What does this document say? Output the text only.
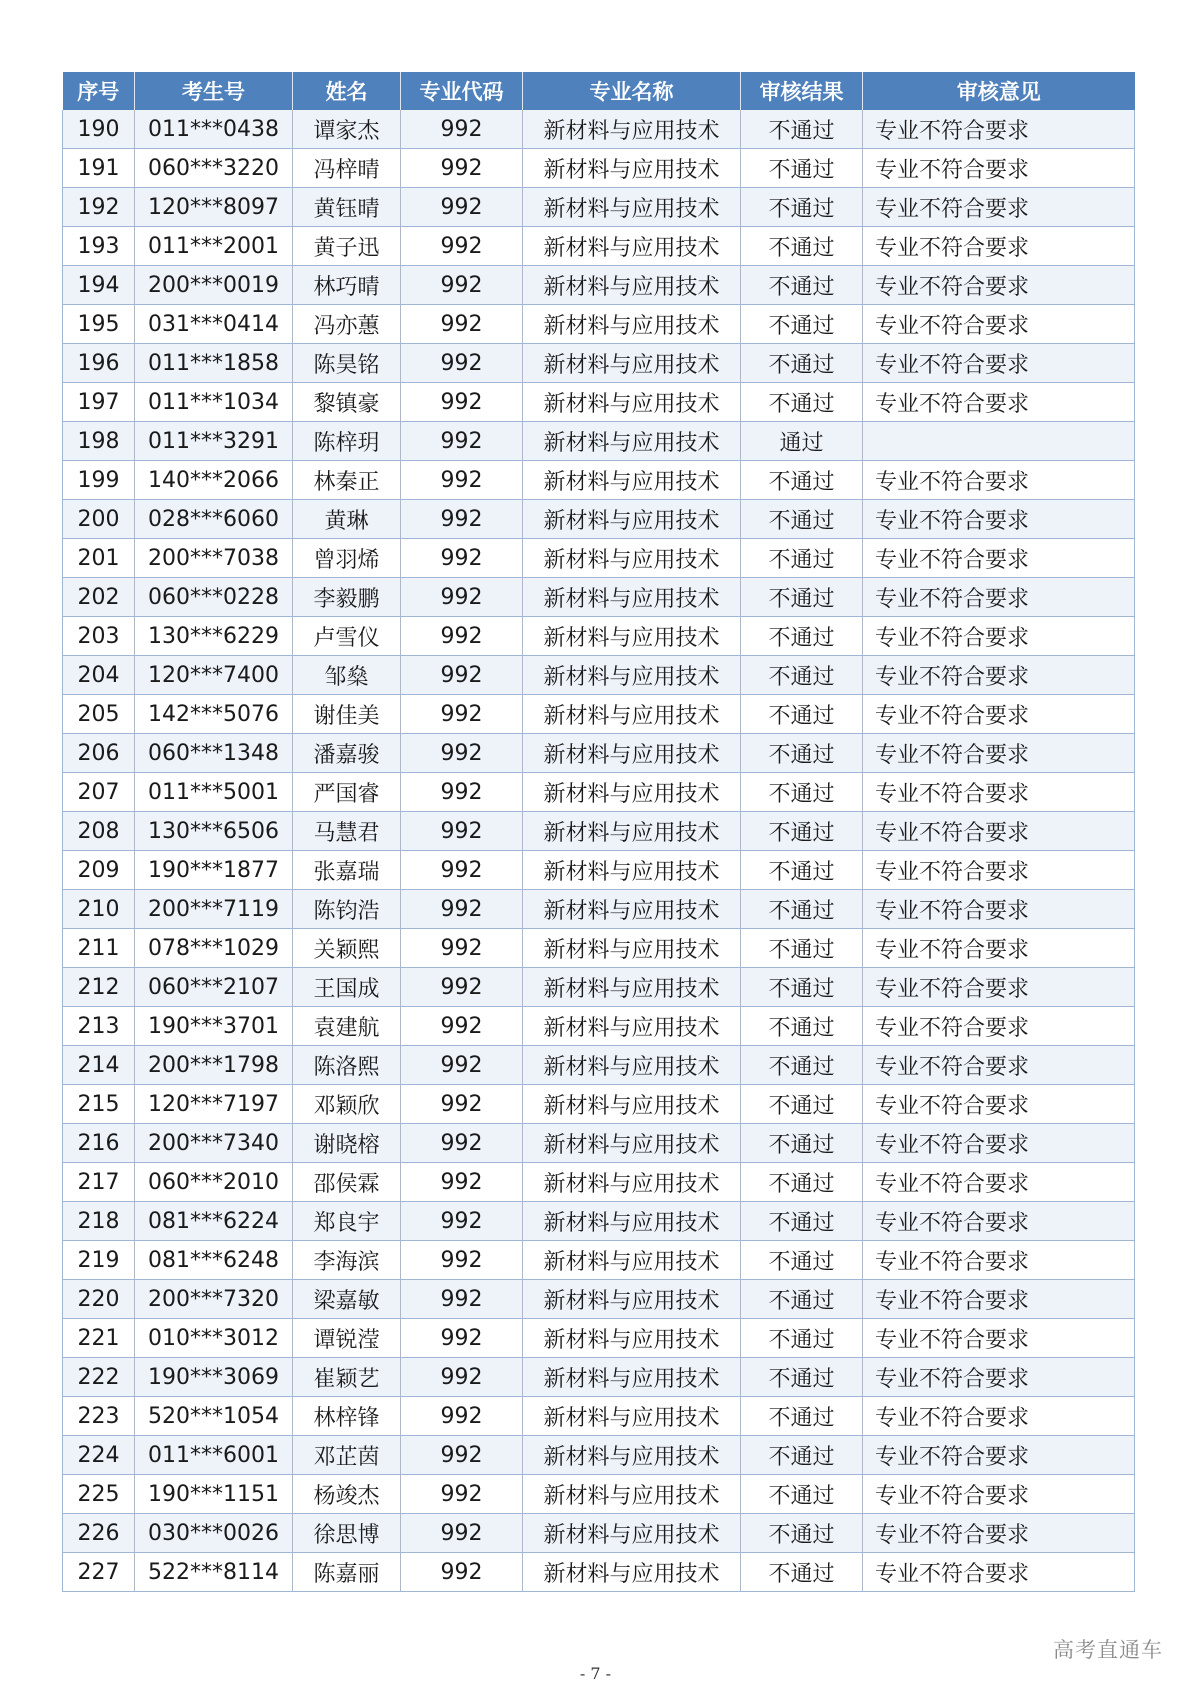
序号	考生号	姓名	专业代码	专业名称	审核结果	审核意见
190	011***0438	谭家杰	992	新材料与应用技术	不通过	专业不符合要求
191	060***3220	冯梓晴	992	新材料与应用技术	不通过	专业不符合要求
192	120***8097	黄钰晴	992	新材料与应用技术	不通过	专业不符合要求
193	011***2001	黄子迅	992	新材料与应用技术	不通过	专业不符合要求
194	200***0019	林巧晴	992	新材料与应用技术	不通过	专业不符合要求
195	031***0414	冯亦蕙	992	新材料与应用技术	不通过	专业不符合要求
196	011***1858	陈昊铭	992	新材料与应用技术	不通过	专业不符合要求
197	011***1034	黎镇豪	992	新材料与应用技术	不通过	专业不符合要求
198	011***3291	陈梓玥	992	新材料与应用技术	通过	
199	140***2066	林秦正	992	新材料与应用技术	不通过	专业不符合要求
200	028***6060	黄琳	992	新材料与应用技术	不通过	专业不符合要求
201	200***7038	曾羽烯	992	新材料与应用技术	不通过	专业不符合要求
202	060***0228	李毅鹏	992	新材料与应用技术	不通过	专业不符合要求
203	130***6229	卢雪仪	992	新材料与应用技术	不通过	专业不符合要求
204	120***7400	邹燊	992	新材料与应用技术	不通过	专业不符合要求
205	142***5076	谢佳美	992	新材料与应用技术	不通过	专业不符合要求
206	060***1348	潘嘉骏	992	新材料与应用技术	不通过	专业不符合要求
207	011***5001	严国睿	992	新材料与应用技术	不通过	专业不符合要求
208	130***6506	马慧君	992	新材料与应用技术	不通过	专业不符合要求
209	190***1877	张嘉瑞	992	新材料与应用技术	不通过	专业不符合要求
210	200***7119	陈钧浩	992	新材料与应用技术	不通过	专业不符合要求
211	078***1029	关颖熙	992	新材料与应用技术	不通过	专业不符合要求
212	060***2107	王国成	992	新材料与应用技术	不通过	专业不符合要求
213	190***3701	袁建航	992	新材料与应用技术	不通过	专业不符合要求
214	200***1798	陈洛熙	992	新材料与应用技术	不通过	专业不符合要求
215	120***7197	邓颖欣	992	新材料与应用技术	不通过	专业不符合要求
216	200***7340	谢晓榕	992	新材料与应用技术	不通过	专业不符合要求
217	060***2010	邵侯霖	992	新材料与应用技术	不通过	专业不符合要求
218	081***6224	郑良宇	992	新材料与应用技术	不通过	专业不符合要求
219	081***6248	李海滨	992	新材料与应用技术	不通过	专业不符合要求
220	200***7320	梁嘉敏	992	新材料与应用技术	不通过	专业不符合要求
221	010***3012	谭锐滢	992	新材料与应用技术	不通过	专业不符合要求
222	190***3069	崔颖艺	992	新材料与应用技术	不通过	专业不符合要求
223	520***1054	林梓锋	992	新材料与应用技术	不通过	专业不符合要求
224	011***6001	邓芷茵	992	新材料与应用技术	不通过	专业不符合要求
225	190***1151	杨竣杰	992	新材料与应用技术	不通过	专业不符合要求
226	030***0026	徐思博	992	新材料与应用技术	不通过	专业不符合要求
227	522***8114	陈嘉丽	992	新材料与应用技术	不通过	专业不符合要求
高考直通车
- 7 -
